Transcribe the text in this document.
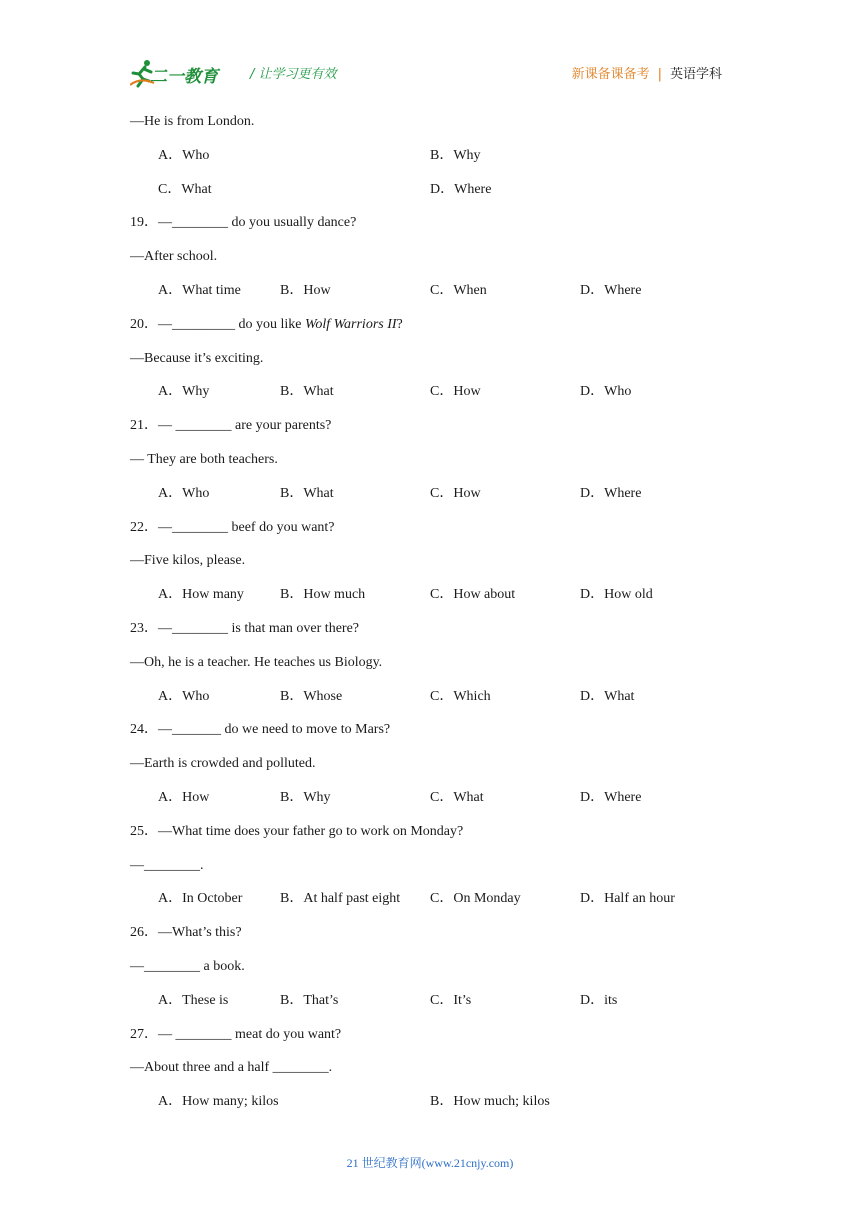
二一教育 / 让学习更有效	新课备课备考 | 英语学科
—He is from London.
A．Who	B．Why
C．What	D．Where
19．—________ do you usually dance?
—After school.
A．What time	B．How	C．When	D．Where
20．—_________ do you like Wolf Warriors II?
—Because it’s exciting.
A．Why	B．What	C．How	D．Who
21．— ________ are your parents?
— They are both teachers.
A．Who	B．What	C．How	D．Where
22．—________ beef do you want?
—Five kilos, please.
A．How many	B．How much	C．How about	D．How old
23．—________ is that man over there?
—Oh, he is a teacher. He teaches us Biology.
A．Who	B．Whose	C．Which	D．What
24．—_______ do we need to move to Mars?
—Earth is crowded and polluted.
A．How	B．Why	C．What	D．Where
25．—What time does your father go to work on Monday?
—________.
A．In October	B．At half past eight C．On Monday	D．Half an hour
26．—What’s this?
—________ a book.
A．These is	B．That’s	C．It’s	D．its
27．— ________ meat do you want?
—About three and a half ________.
A．How many; kilos	B．How much; kilos
21 世纪教育网(www.21cnjy.com)
